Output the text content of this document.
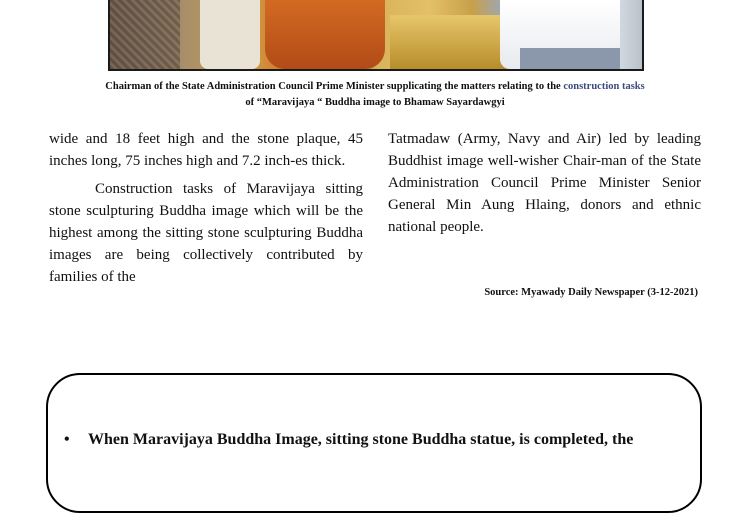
Chairman of the State Administration Council Prime Minister supplicating the matters relating to the construction tasks
of “Maravijaya “ Buddha image to Bhamaw Sayardawgyi

wide and 18 feet high and the stone plaque, 45 inches long, 75 inches high and 7.2 inch-es thick.

Construction tasks of Maravijaya sitting stone sculpturing Buddha image which will be the highest among the sitting stone sculpturing Buddha images are being collectively contributed by families of the

Tatmadaw (Army, Navy and Air) led by leading Buddhist image well-wisher Chair-man of the State Administration Council Prime Minister Senior General Min Aung Hlaing, donors and ethnic national people.

Source: Myawady Daily Newspaper (3-12-2021)
•	When Maravijaya Buddha Image, sitting stone Buddha statue, is completed, the
